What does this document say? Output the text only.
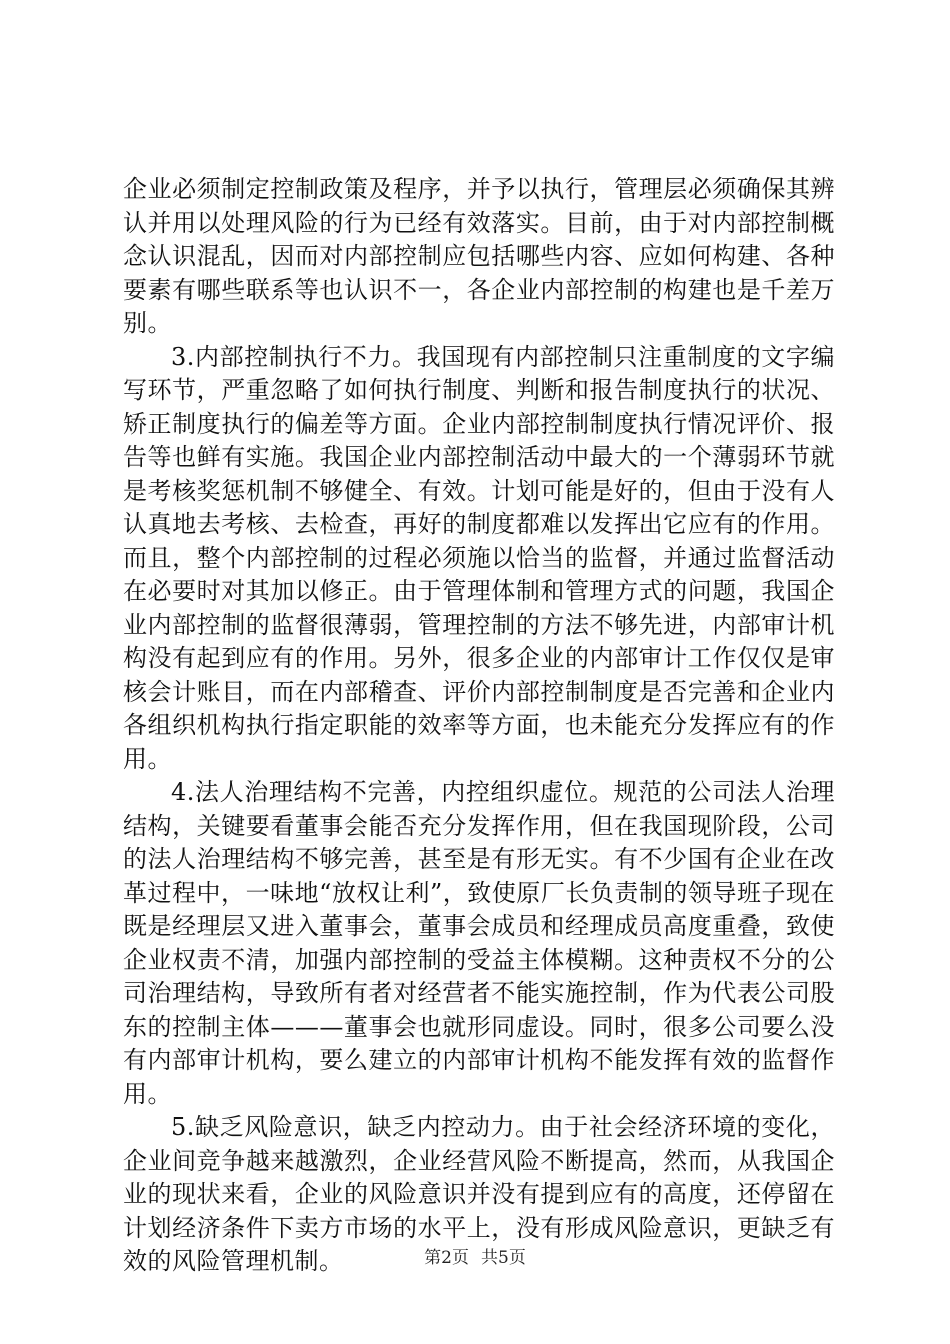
企业必须制定控制政策及程序，并予以执行，管理层必须确保其辨认并用以处理风险的行为已经有效落实。目前，由于对内部控制概念认识混乱，因而对内部控制应包括哪些内容、应如何构建、各种要素有哪些联系等也认识不一，各企业内部控制的构建也是千差万别。

3.内部控制执行不力。我国现有内部控制只注重制度的文字编写环节，严重忽略了如何执行制度、判断和报告制度执行的状况、矫正制度执行的偏差等方面。企业内部控制制度执行情况评价、报告等也鲜有实施。我国企业内部控制活动中最大的一个薄弱环节就是考核奖惩机制不够健全、有效。计划可能是好的，但由于没有人认真地去考核、去检查，再好的制度都难以发挥出它应有的作用。而且，整个内部控制的过程必须施以恰当的监督，并通过监督活动在必要时对其加以修正。由于管理体制和管理方式的问题，我国企业内部控制的监督很薄弱，管理控制的方法不够先进，内部审计机构没有起到应有的作用。另外，很多企业的内部审计工作仅仅是审核会计账目，而在内部稽查、评价内部控制制度是否完善和企业内各组织机构执行指定职能的效率等方面，也未能充分发挥应有的作用。

4.法人治理结构不完善，内控组织虚位。规范的公司法人治理结构，关键要看董事会能否充分发挥作用，但在我国现阶段，公司的法人治理结构不够完善，甚至是有形无实。有不少国有企业在改革过程中，一味地“放权让利”，致使原厂长负责制的领导班子现在既是经理层又进入董事会，董事会成员和经理成员高度重叠，致使企业权责不清，加强内部控制的受益主体模糊。这种责权不分的公司治理结构，导致所有者对经营者不能实施控制，作为代表公司股东的控制主体———董事会也就形同虚设。同时，很多公司要么没有内部审计机构，要么建立的内部审计机构不能发挥有效的监督作用。

5.缺乏风险意识，缺乏内控动力。由于社会经济环境的变化，企业间竞争越来越激烈，企业经营风险不断提高，然而，从我国企业的现状来看，企业的风险意识并没有提到应有的高度，还停留在计划经济条件下卖方市场的水平上，没有形成风险意识，更缺乏有效的风险管理机制。	第2页 共5页
